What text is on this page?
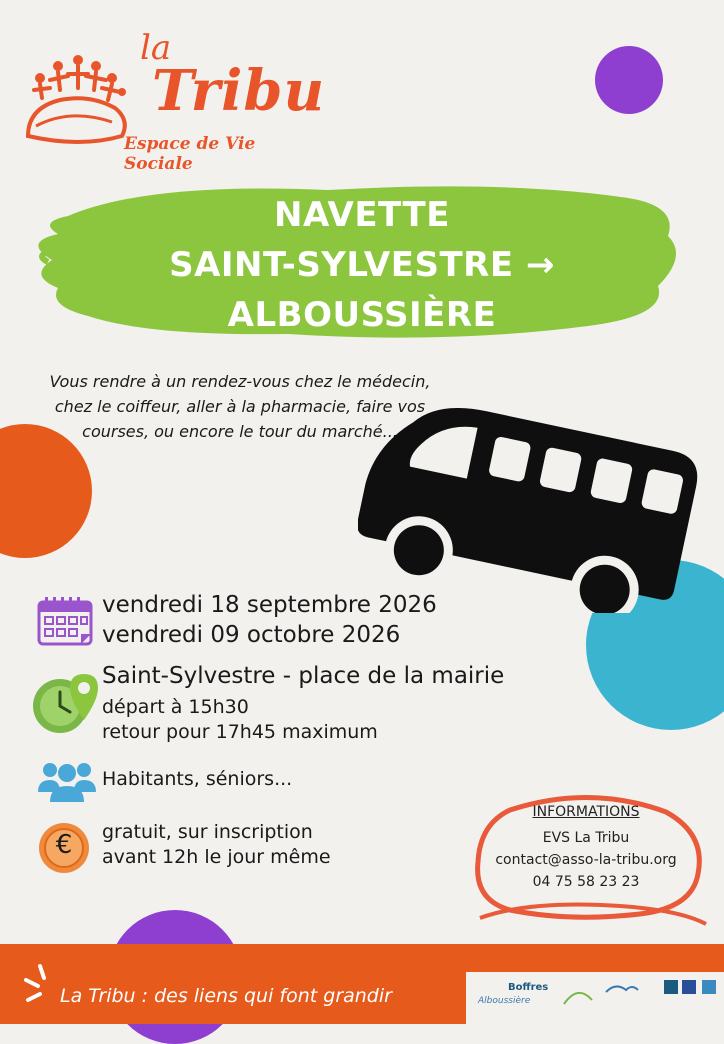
la
Tribu
Espace de Vie Sociale
NAVETTE
SAINT-SYLVESTRE →
ALBOUSSIÈRE
Vous rendre à un rendez-vous chez le médecin,
chez le coiffeur, aller à la pharmacie, faire vos
courses, ou encore le tour du marché...
vendredi 18 septembre 2026
vendredi 09 octobre 2026
Saint-Sylvestre - place de la mairie
départ à 15h30
retour pour 17h45 maximum
Habitants, séniors...
€	gratuit, sur inscription
avant 12h le jour même
INFORMATIONS
EVS La Tribu
contact@asso-la-tribu.org
04 75 58 23 23
La Tribu : des liens qui font grandir	Boffres
Alboussière
